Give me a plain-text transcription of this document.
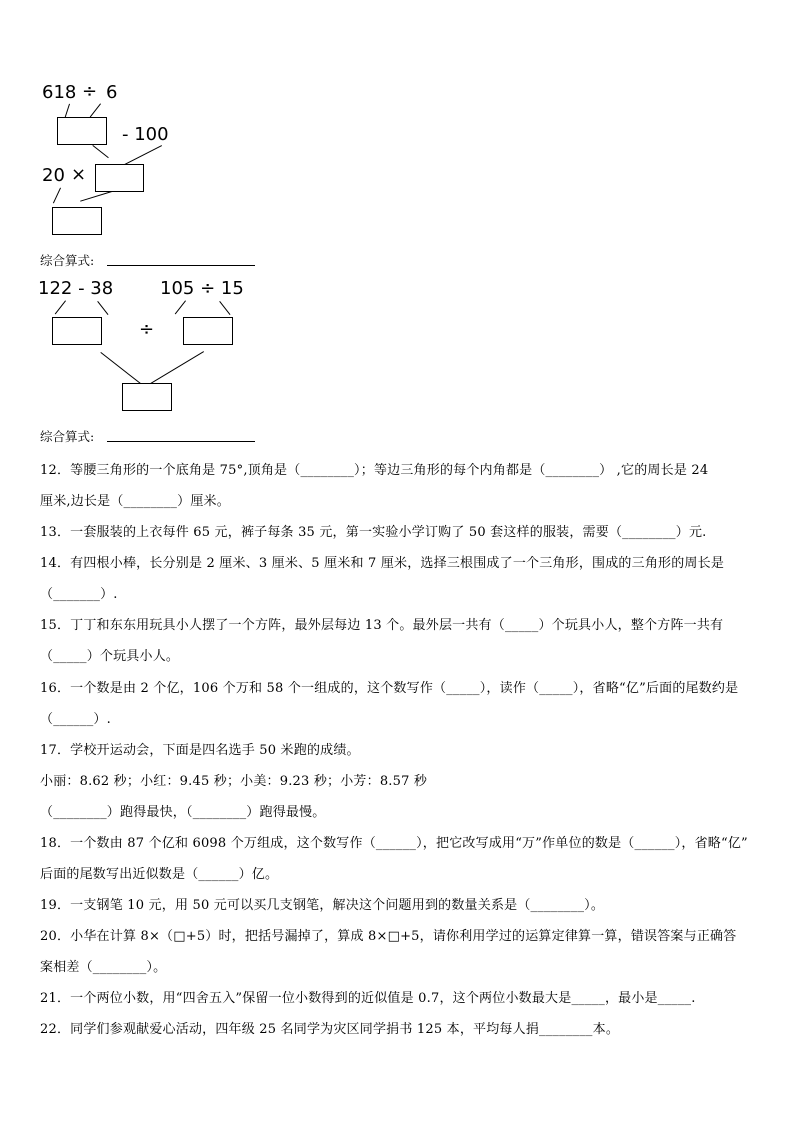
618 ÷ 6
- 100
20 ×
综合算式:
122 - 38	105 ÷ 15
÷
综合算式:
12．等腰三角形的一个底角是 75°,顶角是（________）；等边三角形的每个内角都是（________） ,它的周长是 24
厘米,边长是（________）厘米。
13．一套服装的上衣每件 65 元，裤子每条 35 元，第一实验小学订购了 50 套这样的服装，需要（________）元.
14．有四根小棒，长分别是 2 厘米、3 厘米、5 厘米和 7 厘米，选择三根围成了一个三角形，围成的三角形的周长是
（_______）.
15．丁丁和东东用玩具小人摆了一个方阵，最外层每边 13 个。最外层一共有（_____）个玩具小人，整个方阵一共有
（_____）个玩具小人。
16．一个数是由 2 个亿，106 个万和 58 个一组成的，这个数写作（_____），读作（_____），省略“亿”后面的尾数约是
（______）.
17．学校开运动会，下面是四名选手 50 米跑的成绩。
小丽：8.62 秒；小红：9.45 秒；小美：9.23 秒；小芳：8.57 秒
（________）跑得最快，（________）跑得最慢。
18．一个数由 87 个亿和 6098 个万组成，这个数写作（______），把它改写成用“万”作单位的数是（______），省略“亿”
后面的尾数写出近似数是（______）亿。
19．一支钢笔 10 元，用 50 元可以买几支钢笔，解决这个问题用到的数量关系是（________）。
20．小华在计算 8×（□+5）时，把括号漏掉了，算成 8×□+5，请你利用学过的运算定律算一算，错误答案与正确答
案相差（________）。
21．一个两位小数，用“四舍五入”保留一位小数得到的近似值是 0.7，这个两位小数最大是_____，最小是_____.
22．同学们参观献爱心活动，四年级 25 名同学为灾区同学捐书 125 本，平均每人捐________本。
